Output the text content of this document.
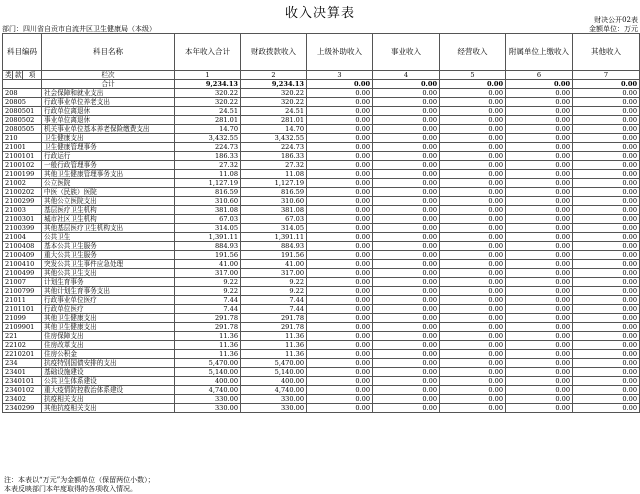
收入决算表	财决公开02表
部门：四川省自贡市自流井区卫生健康局（本级）	金额单位：万元
科目编码			科目名称	本年收入合计	财政拨款收入	上级补助收入	事业收入	经营收入	附属单位上缴收入	其他收入
类	款	项	栏次	1	2	3	4	5	6	7
			合计	9,234.13	9,234.13	0.00	0.00	0.00	0.00	0.00
208			社会保障和就业支出	320.22	320.22	0.00	0.00	0.00	0.00	0.00
20805			行政事业单位养老支出	320.22	320.22	0.00	0.00	0.00	0.00	0.00
2080501			行政单位离退休	24.51	24.51	0.00	0.00	0.00	0.00	0.00
2080502			事业单位离退休	281.01	281.01	0.00	0.00	0.00	0.00	0.00
2080505			机关事业单位基本养老保险缴费支出	14.70	14.70	0.00	0.00	0.00	0.00	0.00
210			卫生健康支出	3,432.55	3,432.55	0.00	0.00	0.00	0.00	0.00
21001			卫生健康管理事务	224.73	224.73	0.00	0.00	0.00	0.00	0.00
2100101			行政运行	186.33	186.33	0.00	0.00	0.00	0.00	0.00
2100102			一般行政管理事务	27.32	27.32	0.00	0.00	0.00	0.00	0.00
2100199			其他卫生健康管理事务支出	11.08	11.08	0.00	0.00	0.00	0.00	0.00
21002			公立医院	1,127.19	1,127.19	0.00	0.00	0.00	0.00	0.00
2100202			中医（民族）医院	816.59	816.59	0.00	0.00	0.00	0.00	0.00
2100299			其他公立医院支出	310.60	310.60	0.00	0.00	0.00	0.00	0.00
21003			基层医疗卫生机构	381.08	381.08	0.00	0.00	0.00	0.00	0.00
2100301			城市社区卫生机构	67.03	67.03	0.00	0.00	0.00	0.00	0.00
2100399			其他基层医疗卫生机构支出	314.05	314.05	0.00	0.00	0.00	0.00	0.00
21004			公共卫生	1,391.11	1,391.11	0.00	0.00	0.00	0.00	0.00
2100408			基本公共卫生服务	884.93	884.93	0.00	0.00	0.00	0.00	0.00
2100409			重大公共卫生服务	191.56	191.56	0.00	0.00	0.00	0.00	0.00
2100410			突发公共卫生事件应急处理	41.00	41.00	0.00	0.00	0.00	0.00	0.00
2100499			其他公共卫生支出	317.00	317.00	0.00	0.00	0.00	0.00	0.00
21007			计划生育事务	9.22	9.22	0.00	0.00	0.00	0.00	0.00
2100799			其他计划生育事务支出	9.22	9.22	0.00	0.00	0.00	0.00	0.00
21011			行政事业单位医疗	7.44	7.44	0.00	0.00	0.00	0.00	0.00
2101101			行政单位医疗	7.44	7.44	0.00	0.00	0.00	0.00	0.00
21099			其他卫生健康支出	291.78	291.78	0.00	0.00	0.00	0.00	0.00
2109901			其他卫生健康支出	291.78	291.78	0.00	0.00	0.00	0.00	0.00
221			住房保障支出	11.36	11.36	0.00	0.00	0.00	0.00	0.00
22102			住房改革支出	11.36	11.36	0.00	0.00	0.00	0.00	0.00
2210201			住房公积金	11.36	11.36	0.00	0.00	0.00	0.00	0.00
234			抗疫特别国债安排的支出	5,470.00	5,470.00	0.00	0.00	0.00	0.00	0.00
23401			基础设施建设	5,140.00	5,140.00	0.00	0.00	0.00	0.00	0.00
2340101			公共卫生体系建设	400.00	400.00	0.00	0.00	0.00	0.00	0.00
2340102			重大疫情防控救治体系建设	4,740.00	4,740.00	0.00	0.00	0.00	0.00	0.00
23402			抗疫相关支出	330.00	330.00	0.00	0.00	0.00	0.00	0.00
2340299			其他抗疫相关支出	330.00	330.00	0.00	0.00	0.00	0.00	0.00
注：本表以“万元”为金额单位（保留两位小数）；
本表反映部门本年度取得的各项收入情况。
